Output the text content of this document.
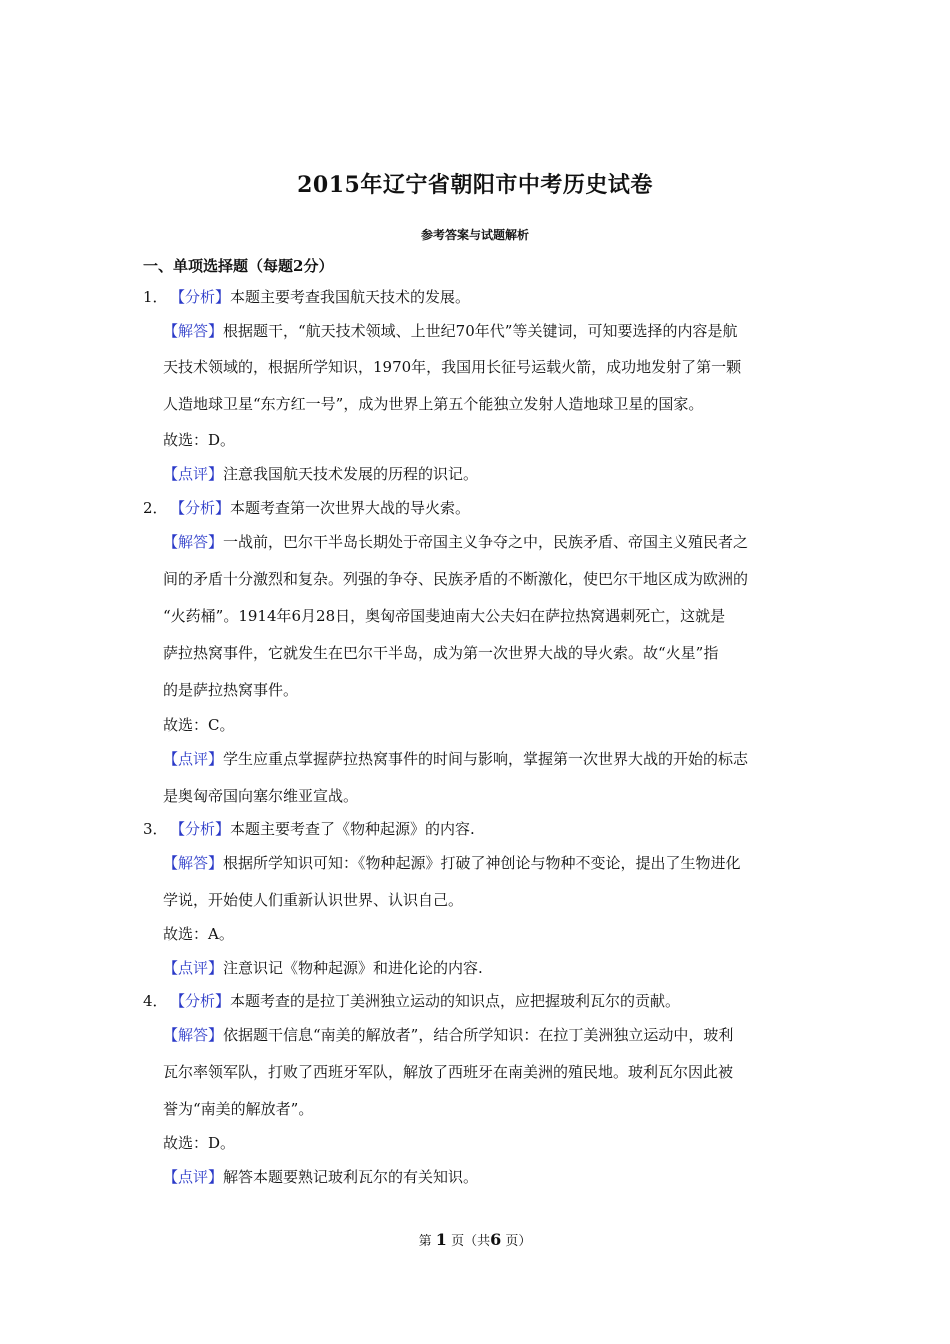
2015年辽宁省朝阳市中考历史试卷
参考答案与试题解析
一、单项选择题（每题2分）
1． 【分析】本题主要考查我国航天技术的发展。
【解答】根据题干，“航天技术领域、上世纪70年代”等关键词，可知要选择的内容是航
天技术领域的，根据所学知识，1970年，我国用长征号运载火箭，成功地发射了第一颗
人造地球卫星“东方红一号”，成为世界上第五个能独立发射人造地球卫星的国家。
故选：D。
【点评】注意我国航天技术发展的历程的识记。
2． 【分析】本题考查第一次世界大战的导火索。
【解答】一战前，巴尔干半岛长期处于帝国主义争夺之中，民族矛盾、帝国主义殖民者之
间的矛盾十分激烈和复杂。列强的争夺、民族矛盾的不断激化，使巴尔干地区成为欧洲的
“火药桶”。1914年6月28日，奥匈帝国斐迪南大公夫妇在萨拉热窝遇刺死亡，这就是
萨拉热窝事件，它就发生在巴尔干半岛，成为第一次世界大战的导火索。故“火星”指
的是萨拉热窝事件。
故选：C。
【点评】学生应重点掌握萨拉热窝事件的时间与影响，掌握第一次世界大战的开始的标志
是奥匈帝国向塞尔维亚宣战。
3． 【分析】本题主要考查了《物种起源》的内容.
【解答】根据所学知识可知：《物种起源》打破了神创论与物种不变论，提出了生物进化
学说，开始使人们重新认识世界、认识自己。
故选：A。
【点评】注意识记《物种起源》和进化论的内容.
4． 【分析】本题考查的是拉丁美洲独立运动的知识点，应把握玻利瓦尔的贡献。
【解答】依据题干信息“南美的解放者”，结合所学知识：在拉丁美洲独立运动中，玻利
瓦尔率领军队，打败了西班牙军队，解放了西班牙在南美洲的殖民地。玻利瓦尔因此被
誉为“南美的解放者”。
故选：D。
【点评】解答本题要熟记玻利瓦尔的有关知识。
第 1 页（共6 页）
